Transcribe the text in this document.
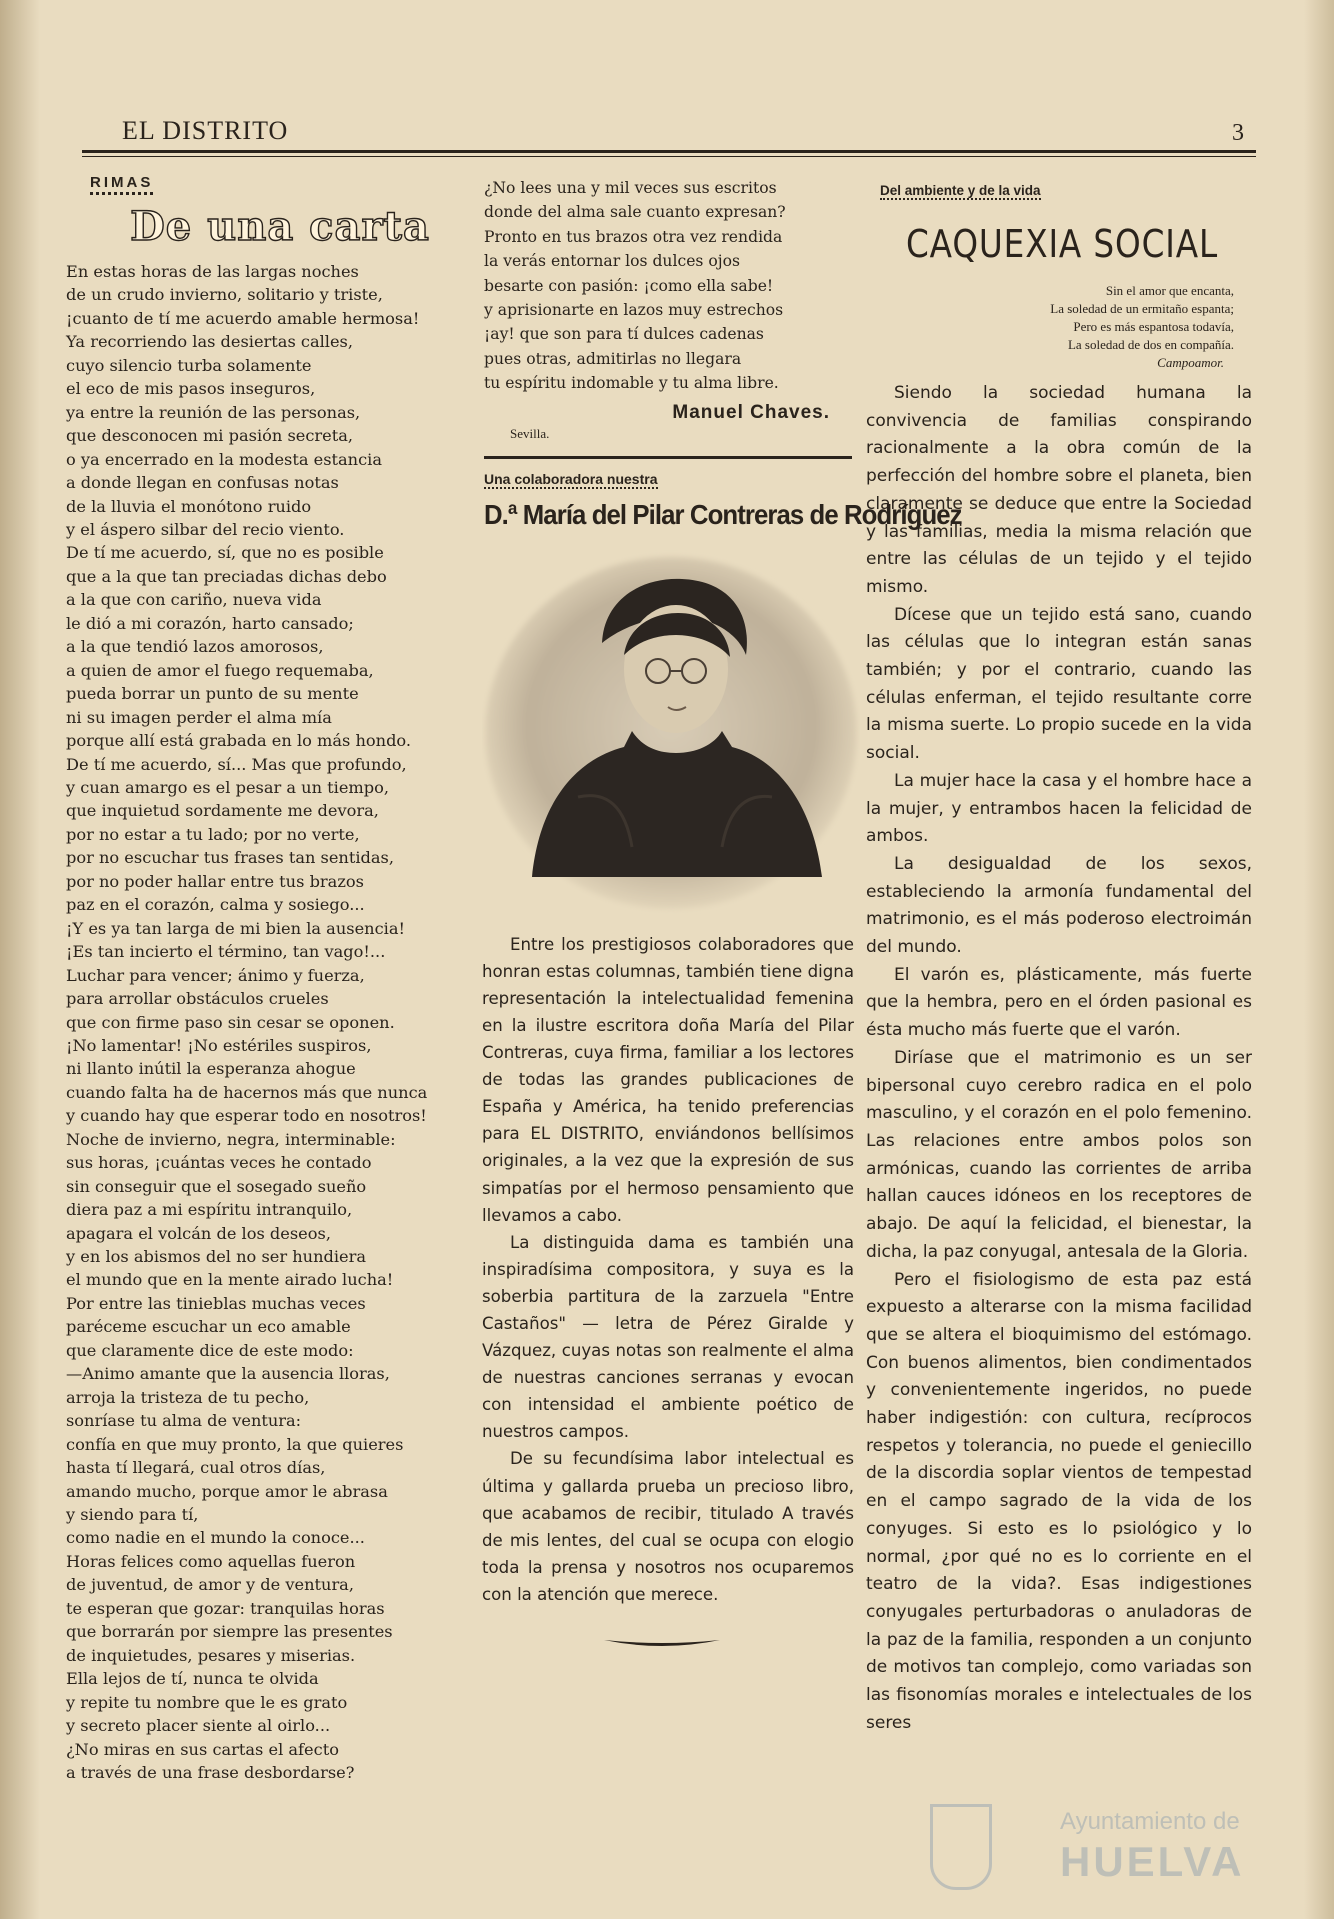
EL DISTRITO	3
RIMAS
De una carta
En estas horas de las largas noches
de un crudo invierno, solitario y triste,
¡cuanto de tí me acuerdo amable hermosa!
Ya recorriendo las desiertas calles,
cuyo silencio turba solamente
el eco de mis pasos inseguros,
ya entre la reunión de las personas,
que desconocen mi pasión secreta,
o ya encerrado en la modesta estancia
a donde llegan en confusas notas
de la lluvia el monótono ruido
y el áspero silbar del recio viento.
De tí me acuerdo, sí, que no es posible
que a la que tan preciadas dichas debo
a la que con cariño, nueva vida
le dió a mi corazón, harto cansado;
a la que tendió lazos amorosos,
a quien de amor el fuego requemaba,
pueda borrar un punto de su mente
ni su imagen perder el alma mía
porque allí está grabada en lo más hondo.
De tí me acuerdo, sí... Mas que profundo,
y cuan amargo es el pesar a un tiempo,
que inquietud sordamente me devora,
por no estar a tu lado; por no verte,
por no escuchar tus frases tan sentidas,
por no poder hallar entre tus brazos
paz en el corazón, calma y sosiego...
¡Y es ya tan larga de mi bien la ausencia!
¡Es tan incierto el término, tan vago!...
Luchar para vencer; ánimo y fuerza,
para arrollar obstáculos crueles
que con firme paso sin cesar se oponen.
¡No lamentar! ¡No estériles suspiros,
ni llanto inútil la esperanza ahogue
cuando falta ha de hacernos más que nunca
y cuando hay que esperar todo en nosotros!
Noche de invierno, negra, interminable:
sus horas, ¡cuántas veces he contado
sin conseguir que el sosegado sueño
diera paz a mi espíritu intranquilo,
apagara el volcán de los deseos,
y en los abismos del no ser hundiera
el mundo que en la mente airado lucha!
Por entre las tinieblas muchas veces
paréceme escuchar un eco amable
que claramente dice de este modo:
—Animo amante que la ausencia lloras,
arroja la tristeza de tu pecho,
sonríase tu alma de ventura:
confía en que muy pronto, la que quieres
hasta tí llegará, cual otros días,
amando mucho, porque amor le abrasa
y siendo para tí,
como nadie en el mundo la conoce...
Horas felices como aquellas fueron
de juventud, de amor y de ventura,
te esperan que gozar: tranquilas horas
que borrarán por siempre las presentes
de inquietudes, pesares y miserias.
Ella lejos de tí, nunca te olvida
y repite tu nombre que le es grato
y secreto placer siente al oirlo...
¿No miras en sus cartas el afecto
a través de una frase desbordarse?
¿No lees una y mil veces sus escritos
donde del alma sale cuanto expresan?
Pronto en tus brazos otra vez rendida
la verás entornar los dulces ojos
besarte con pasión: ¡como ella sabe!
y aprisionarte en lazos muy estrechos
¡ay! que son para tí dulces cadenas
pues otras, admitirlas no llegara
tu espíritu indomable y tu alma libre.
Manuel Chaves.
Sevilla.
Una colaboradora nuestra
D.ª María del Pilar Contreras de Rodríguez

Entre los prestigiosos colaboradores que honran estas columnas, también tiene digna representación la intelectualidad femenina en la ilustre escritora doña María del Pilar Contreras, cuya firma, familiar a los lectores de todas las grandes publicaciones de España y América, ha tenido preferencias para EL DISTRITO, enviándonos bellísimos originales, a la vez que la expresión de sus simpatías por el hermoso pensamiento que llevamos a cabo.

La distinguida dama es también una inspiradísima compositora, y suya es la soberbia partitura de la zarzuela "Entre Castaños" — letra de Pérez Giralde y Vázquez, cuyas notas son realmente el alma de nuestras canciones serranas y evocan con intensidad el ambiente poético de nuestros campos.

De su fecundísima labor intelectual es última y gallarda prueba un precioso libro, que acabamos de recibir, titulado A través de mis lentes, del cual se ocupa con elogio toda la prensa y nosotros nos ocuparemos con la atención que merece.

Del ambiente y de la vida
CAQUEXIA SOCIAL
Sin el amor que encanta,
La soledad de un ermitaño espanta;
Pero es más espantosa todavía,
La soledad de dos en compañía.
Campoamor.

Siendo la sociedad humana la convivencia de familias conspirando racionalmente a la obra común de la perfección del hombre sobre el planeta, bien claramente se deduce que entre la Sociedad y las familias, media la misma relación que entre las células de un tejido y el tejido mismo.

Dícese que un tejido está sano, cuando las células que lo integran están sanas también; y por el contrario, cuando las células enferman, el tejido resultante corre la misma suerte. Lo propio sucede en la vida social.

La mujer hace la casa y el hombre hace a la mujer, y entrambos hacen la felicidad de ambos.

La desigualdad de los sexos, estableciendo la armonía fundamental del matrimonio, es el más poderoso electroimán del mundo.

El varón es, plásticamente, más fuerte que la hembra, pero en el órden pasional es ésta mucho más fuerte que el varón.

Diríase que el matrimonio es un ser bipersonal cuyo cerebro radica en el polo masculino, y el corazón en el polo femenino. Las relaciones entre ambos polos son armónicas, cuando las corrientes de arriba hallan cauces idóneos en los receptores de abajo. De aquí la felicidad, el bienestar, la dicha, la paz conyugal, antesala de la Gloria.

Pero el fisiologismo de esta paz está expuesto a alterarse con la misma facilidad que se altera el bioquimismo del estómago. Con buenos alimentos, bien condimentados y convenientemente ingeridos, no puede haber indigestión: con cultura, recíprocos respetos y tolerancia, no puede el geniecillo de la discordia soplar vientos de tempestad en el campo sagrado de la vida de los conyuges. Si esto es lo psiológico y lo normal, ¿por qué no es lo corriente en el teatro de la vida?. Esas indigestiones conyugales perturbadoras o anuladoras de la paz de la familia, responden a un conjunto de motivos tan complejo, como variadas son las fisonomías morales e intelectuales de los seres

Ayuntamiento de
HUELVA
